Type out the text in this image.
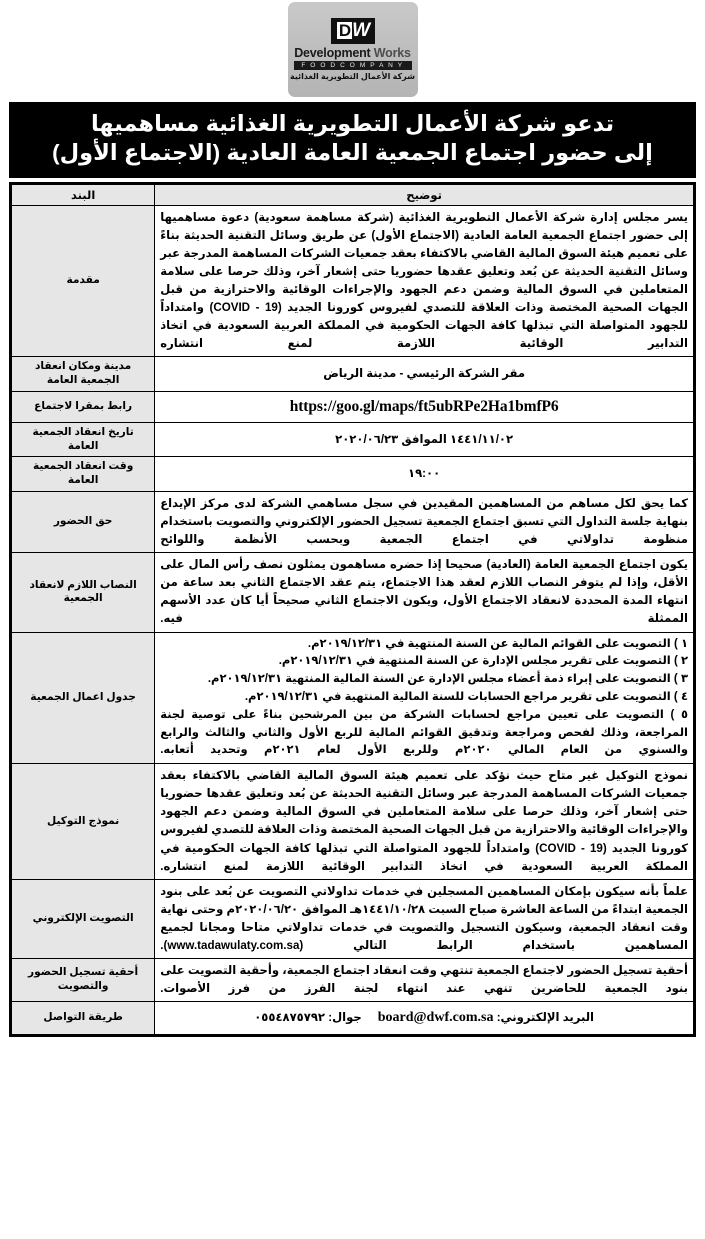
D W
Development Works
F O O D C O M P A N Y
شركة الأعمال التطويرية الغذائية
تدعو شركة الأعمال التطويرية الغذائية مساهميها
إلى حضور اجتماع الجمعية العامة العادية (الاجتماع الأول)
توضيح	البند
يسر مجلس إدارة شركة الأعمال التطويرية الغذائية (شركة مساهمة سعودية) دعوة مساهميها إلى حضور اجتماع الجمعية العامة العادية (الاجتماع الأول) عن طريق وسائل التقنية الحديثة بناءً على تعميم هيئة السوق المالية القاضي بالاكتفاء بعقد جمعيات الشركات المساهمة المدرجة عبر وسائل التقنية الحديثة عن بُعد وتعليق عقدها حضوريا حتى إشعار آخر، وذلك حرصا على سلامة المتعاملين في السوق المالية وضمن دعم الجهود والإجراءات الوقائية والاحترازية من قبل الجهات الصحية المختصة وذات العلاقة للتصدي لفيروس كورونا الجديد (COVID - 19) وامتداداً للجهود المتواصلة التي تبذلها كافة الجهات الحكومية في المملكة العربية السعودية في اتخاذ التدابير الوقائية اللازمة لمنع انتشاره	مقدمة
مقر الشركة الرئيسي - مدينة الرياض	مدينة ومكان انعقاد الجمعية العامة
https://goo.gl/maps/ft5ubRPe2Ha1bmfP6	رابط بمقرا لاجتماع
١٤٤١/١١/٠٢ الموافق ٢٠٢٠/٠٦/٢٣	تاريخ انعقاد الجمعية العامة
١٩:٠٠	وقت انعقاد الجمعية العامة
كما يحق لكل مساهم من المساهمين المقيدين في سجل مساهمي الشركة لدى مركز الإيداع بنهاية جلسة التداول التي تسبق اجتماع الجمعية تسجيل الحضور الإلكتروني والتصويت باستخدام منظومة تداولاتي في اجتماع الجمعية وبحسب الأنظمة واللوائح	حق الحضور
يكون اجتماع الجمعية العامة (العادية) صحيحا إذا حضره مساهمون يمثلون نصف رأس المال على الأقل، وإذا لم يتوفر النصاب اللازم لعقد هذا الاجتماع، يتم عقد الاجتماع الثاني بعد ساعة من انتهاء المدة المحددة لانعقاد الاجتماع الأول، ويكون الاجتماع الثاني صحيحاً أيا كان عدد الأسهم الممثلة فيه.	النصاب اللازم لانعقاد الجمعية

١ ) التصويت على القوائم المالية عن السنة المنتهية في ٢٠١٩/١٢/٣١م.
٢ ) التصويت على تقرير مجلس الإدارة عن السنة المنتهية في ٢٠١٩/١٢/٣١م.
٣ ) التصويت على إبراء ذمة أعضاء مجلس الإدارة عن السنة المالية المنتهية ٢٠١٩/١٢/٣١م.
٤ ) التصويت على تقرير مراجع الحسابات للسنة المالية المنتهية في ٢٠١٩/١٢/٣١م.
٥ ) التصويت على تعيين مراجع لحسابات الشركة من بين المرشحين بناءً على توصية لجنة المراجعة، وذلك لفحص ومراجعة وتدقيق القوائم المالية للربع الأول والثاني والثالث والرابع والسنوي من العام المالي ٢٠٢٠م وللربع الأول لعام ٢٠٢١م وتحديد أتعابه.
	جدول اعمال الجمعية
نموذج التوكيل غير متاح حيث نؤكد على تعميم هيئة السوق المالية القاضي بالاكتفاء بعقد جمعيات الشركات المساهمة المدرجة عبر وسائل التقنية الحديثة عن بُعد وتعليق عقدها حضوريا حتى إشعار آخر، وذلك حرصا على سلامة المتعاملين في السوق المالية وضمن دعم الجهود والإجراءات الوقائية والاحترازية من قبل الجهات الصحية المختصة وذات العلاقة للتصدي لفيروس كورونا الجديد (COVID - 19) وامتداداً للجهود المتواصلة التي تبذلها كافة الجهات الحكومية في المملكة العربية السعودية في اتخاذ التدابير الوقائية اللازمة لمنع انتشاره.	نموذج التوكيل
علماً بأنه سيكون بإمكان المساهمين المسجلين في خدمات تداولاتي التصويت عن بُعد على بنود الجمعية ابتداءً من الساعة العاشرة صباح السبت ١٤٤١/١٠/٢٨هـ الموافق ٢٠٢٠/٠٦/٢٠م وحتى نهاية وقت انعقاد الجمعية، وسيكون التسجيل والتصويت في خدمات تداولاتي متاحا ومجانا لجميع المساهمين باستخدام الرابط التالي (www.tadawulaty.com.sa).	التصويت الإلكتروني
أحقية تسجيل الحضور لاجتماع الجمعية تنتهي وقت انعقاد اجتماع الجمعية، وأحقية التصويت على بنود الجمعية للحاضرين تنهي عند انتهاء لجنة الفرز من فرز الأصوات.	أحقية تسجيل الحضور والتصويت

البريد الإلكتروني: board@dwf.com.sa
جوال: ٠٥٥٤٨٧٥٧٩٢	طريقة التواصل
